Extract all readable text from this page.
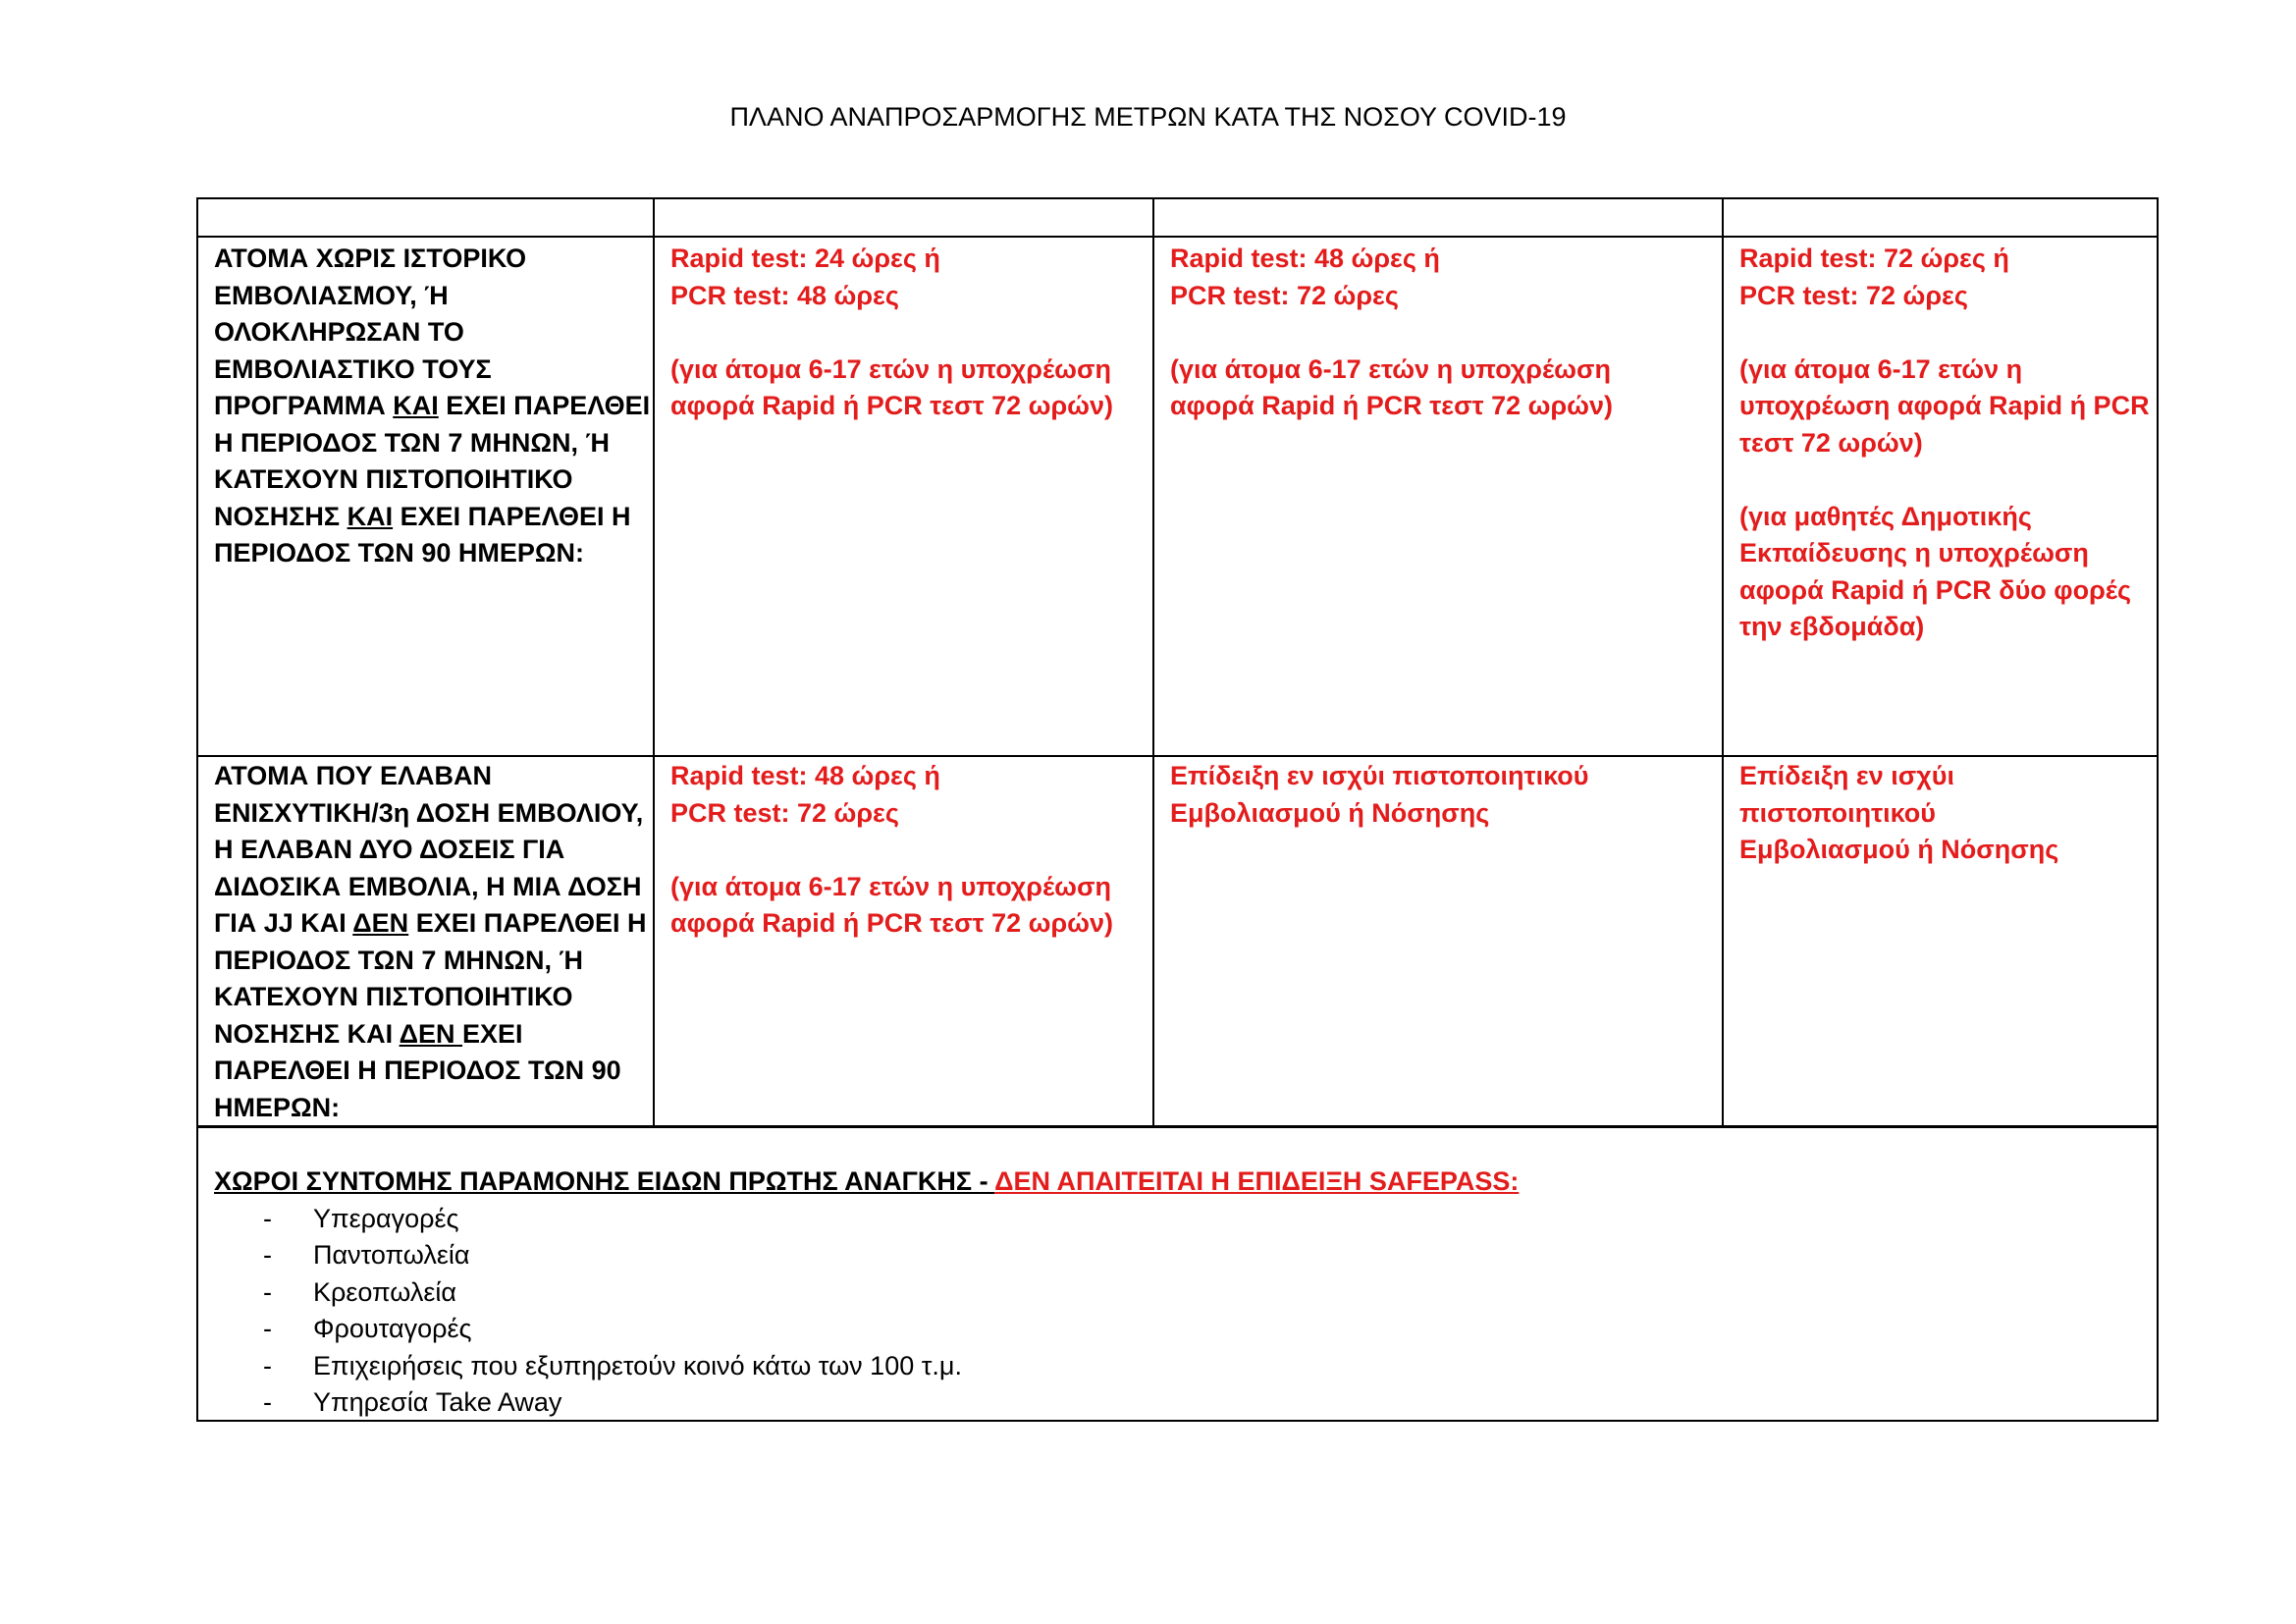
ΠΛΑΝΟ ΑΝΑΠΡΟΣΑΡΜΟΓΗΣ ΜΕΤΡΩΝ ΚΑΤΑ ΤΗΣ ΝΟΣΟΥ COVID-19
ΑΤΟΜΑ ΧΩΡΙΣ ΙΣΤΟΡΙΚΟ
ΕΜΒΟΛΙΑΣΜΟΥ, Ή
ΟΛΟΚΛΗΡΩΣΑΝ ΤΟ
ΕΜΒΟΛΙΑΣΤΙΚΟ ΤΟΥΣ
ΠΡΟΓΡΑΜΜΑ ΚΑΙ ΕΧΕΙ ΠΑΡΕΛΘΕΙ
Η ΠΕΡΙΟΔΟΣ ΤΩΝ 7 ΜΗΝΩΝ, Ή
ΚΑΤΕΧΟΥΝ ΠΙΣΤΟΠΟΙΗΤΙΚΟ
ΝΟΣΗΣΗΣ ΚΑΙ ΕΧΕΙ ΠΑΡΕΛΘΕΙ Η
ΠΕΡΙΟΔΟΣ ΤΩΝ 90 ΗΜΕΡΩΝ:
Rapid test: 24 ώρες ή
PCR test: 48 ώρες
(για άτομα 6-17 ετών η υποχρέωση
αφορά Rapid ή PCR τεστ 72 ωρών)
Rapid test: 48 ώρες ή
PCR test: 72 ώρες
(για άτομα 6-17 ετών η υποχρέωση
αφορά Rapid ή PCR τεστ 72 ωρών)
Rapid test: 72 ώρες ή
PCR test: 72 ώρες
(για άτομα 6-17 ετών η
υποχρέωση αφορά Rapid ή PCR
τεστ 72 ωρών)
(για μαθητές Δημοτικής
Εκπαίδευσης η υποχρέωση
αφορά Rapid ή PCR δύο φορές
την εβδομάδα)
ΑΤΟΜΑ ΠΟΥ ΕΛΑΒΑΝ
ΕΝΙΣΧΥΤΙΚΗ/3η ΔΟΣΗ ΕΜΒΟΛΙΟΥ,
Η ΕΛΑΒΑΝ ΔΥΟ ΔΟΣΕΙΣ ΓΙΑ
ΔΙΔΟΣΙΚΑ ΕΜΒΟΛΙΑ, Η ΜΙΑ ΔΟΣΗ
ΓΙΑ JJ ΚΑΙ ΔΕΝ ΕΧΕΙ ΠΑΡΕΛΘΕΙ Η
ΠΕΡΙΟΔΟΣ ΤΩΝ 7 ΜΗΝΩΝ, Ή
ΚΑΤΕΧΟΥΝ ΠΙΣΤΟΠΟΙΗΤΙΚΟ
ΝΟΣΗΣΗΣ ΚΑΙ ΔΕΝ ΕΧΕΙ
ΠΑΡΕΛΘΕΙ Η ΠΕΡΙΟΔΟΣ ΤΩΝ 90
ΗΜΕΡΩΝ:
Rapid test: 48 ώρες ή
PCR test: 72 ώρες
(για άτομα 6-17 ετών η υποχρέωση
αφορά Rapid ή PCR τεστ 72 ωρών)
Επίδειξη εν ισχύι πιστοποιητικού
Εμβολιασμού ή Νόσησης
Επίδειξη εν ισχύι
πιστοποιητικού
Εμβολιασμού ή Νόσησης
ΧΩΡΟΙ ΣΥΝΤΟΜΗΣ ΠΑΡΑΜΟΝΗΣ ΕΙΔΩΝ ΠΡΩΤΗΣ ΑΝΑΓΚΗΣ - ΔΕΝ ΑΠΑΙΤΕΙΤΑΙ Η ΕΠΙΔΕΙΞΗ SAFEPASS:
- Υπεραγορές
- Παντοπωλεία
- Κρεοπωλεία
- Φρουταγορές
- Επιχειρήσεις που εξυπηρετούν κοινό κάτω των 100 τ.μ.
- Υπηρεσία Take Away
